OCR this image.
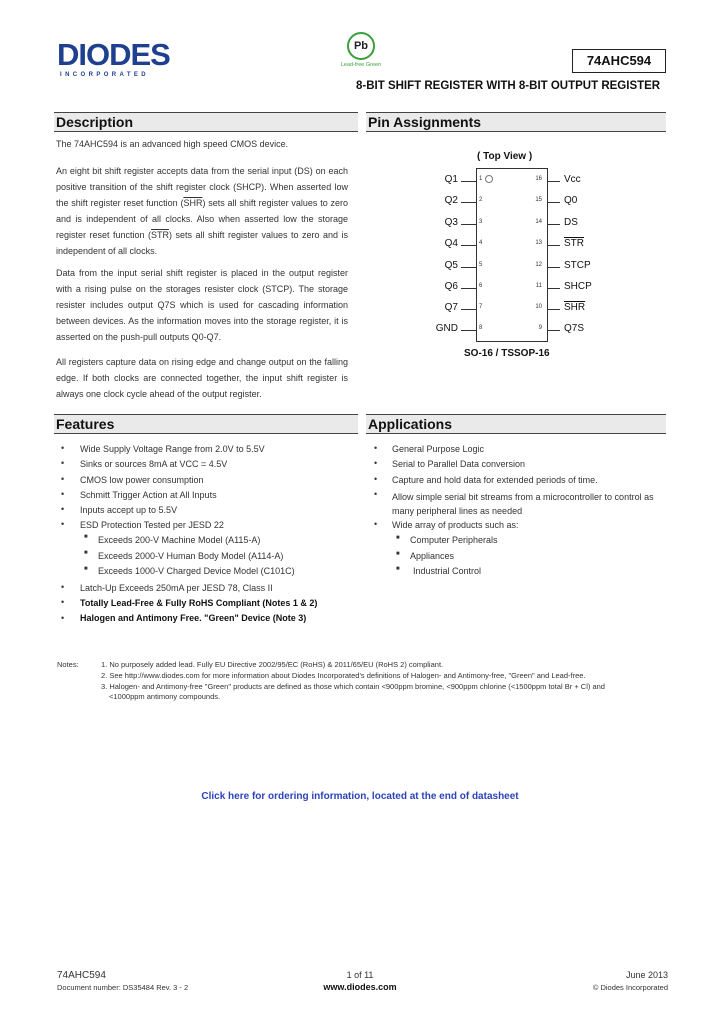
DIODES
INCORPORATED
Pb
Lead-free Green	74AHC594
8-BIT SHIFT REGISTER WITH 8-BIT OUTPUT REGISTER
Description
The 74AHC594 is an advanced high speed CMOS device.
An eight bit shift register accepts data from the serial input (DS) on each positive transition of the shift register clock (SHCP). When asserted low the shift register reset function $(\overline{SHR})$ sets all shift register values to zero and is independent of all clocks. Also when asserted low the storage register reset function $(\overline{STR})$ sets all shift register values to zero and is independent of all clocks.
Data from the input serial shift register is placed in the output register with a rising pulse on the storages resister clock (STCP). The storage resister includes output Q7S which is used for cascading information between devices. As the information moves into the storage register, it is asserted on the push-pull outputs Q0-Q7.
All registers capture data on rising edge and change output on the falling edge. If both clocks are connected together, the input shift register is always one clock cycle ahead of the output register.
Pin Assignments
( Top View )
Q1	1
Q2	2
Q3	3
Q4	4
Q5	5
Q6	6
Q7	7
GND	8
Vcc
16
Q0
15
DS
14
$\overline{STR}$
13
STCP
12
SHCP
11
$\overline{SHR}$
10
Q7S
9
SO-16 / TSSOP-16
Features
• Wide Supply Voltage Range from 2.0V to 5.5V
• Sinks or sources 8mA at VCC = 4.5V
• CMOS low power consumption
• Schmitt Trigger Action at All Inputs
• Inputs accept up to 5.5V
• ESD Protection Tested per JESD 22
■ Exceeds 200-V Machine Model (A115-A)
■ Exceeds 2000-V Human Body Model (A114-A)
■ Exceeds 1000-V Charged Device Model (C101C)
• Latch-Up Exceeds 250mA per JESD 78, Class II
• Totally Lead-Free & Fully RoHS Compliant (Notes 1 & 2)
• Halogen and Antimony Free. "Green" Device (Note 3)
Applications
• General Purpose Logic
• Serial to Parallel Data conversion
• Capture and hold data for extended periods of time.
• Allow simple serial bit streams from a microcontroller to control as many peripheral lines as needed
• Wide array of products such as:
■ Computer Peripherals
■ Appliances
■ Industrial Control
Notes:	1. No purposely added lead. Fully EU Directive 2002/95/EC (RoHS) & 2011/65/EU (RoHS 2) compliant.
2. See http://www.diodes.com for more information about Diodes Incorporated's definitions of Halogen- and Antimony-free, "Green" and Lead-free.
3. Halogen- and Antimony-free "Green" products are defined as those which contain <900ppm bromine, <900ppm chlorine (<1500ppm total Br + Cl) and
<1000ppm antimony compounds.
Click here for ordering information, located at the end of datasheet
74AHC594
Document number: DS35484 Rev. 3 - 2
1 of 11
www.diodes.com
June 2013
© Diodes Incorporated
